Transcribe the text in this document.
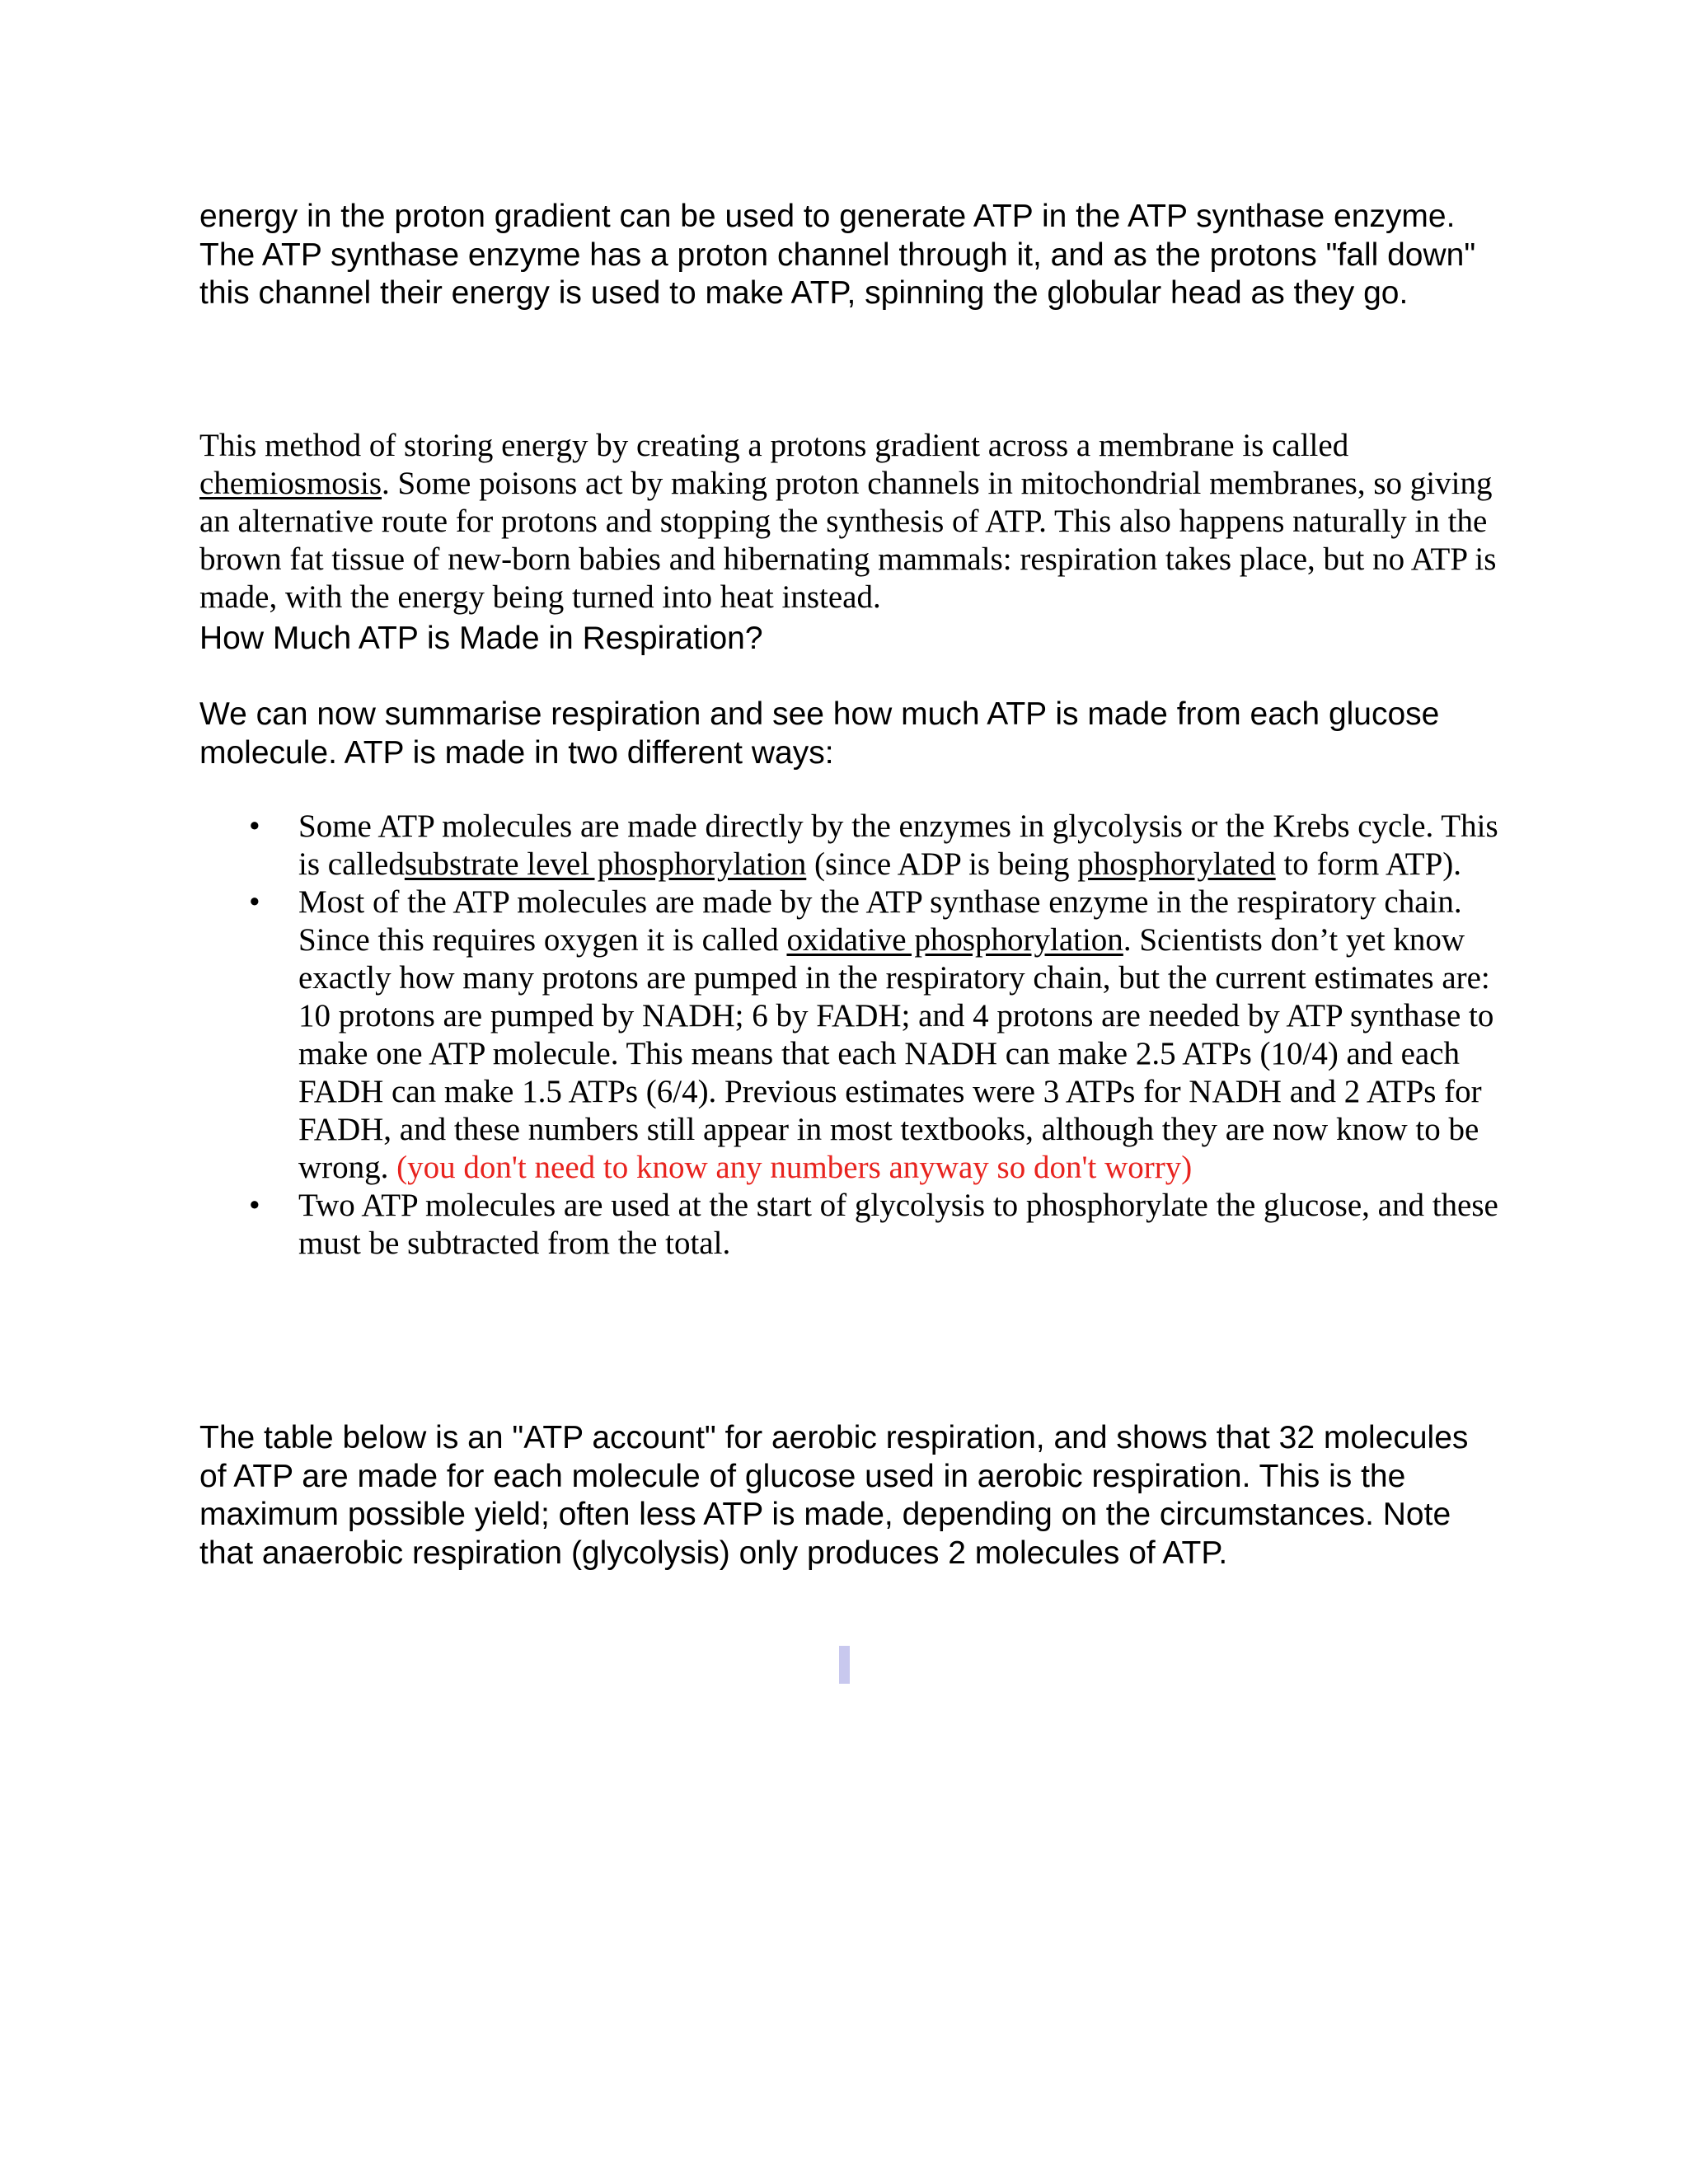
energy in the proton gradient can be used to generate ATP in the ATP synthase enzyme. The ATP synthase enzyme has a proton channel through it, and as the protons "fall down" this channel their energy is used to make ATP, spinning the globular head as they go.

This method of storing energy by creating a protons gradient across a membrane is called chemiosmosis. Some poisons act by making proton channels in mitochondrial membranes, so giving an alternative route for protons and stopping the synthesis of ATP. This also happens naturally in the brown fat tissue of new-born babies and hibernating mammals: respiration takes place, but no ATP is made, with the energy being turned into heat instead.

How Much ATP is Made in Respiration?

We can now summarise respiration and see how much ATP is made from each glucose molecule. ATP is made in two different ways:

• Some ATP molecules are made directly by the enzymes in glycolysis or the Krebs cycle. This is calledsubstrate level phosphorylation (since ADP is being phosphorylated to form ATP).
• Most of the ATP molecules are made by the ATP synthase enzyme in the respiratory chain. Since this requires oxygen it is called oxidative phosphorylation. Scientists don’t yet know exactly how many protons are pumped in the respiratory chain, but the current estimates are: 10 protons are pumped by NADH; 6 by FADH; and 4 protons are needed by ATP synthase to make one ATP molecule. This means that each NADH can make 2.5 ATPs (10/4) and each FADH can make 1.5 ATPs (6/4). Previous estimates were 3 ATPs for NADH and 2 ATPs for FADH, and these numbers still appear in most textbooks, although they are now know to be wrong. (you don't need to know any numbers anyway so don't worry)
• Two ATP molecules are used at the start of glycolysis to phosphorylate the glucose, and these must be subtracted from the total.

The table below is an "ATP account" for aerobic respiration, and shows that 32 molecules of ATP are made for each molecule of glucose used in aerobic respiration. This is the maximum possible yield; often less ATP is made, depending on the circumstances. Note that anaerobic respiration (glycolysis) only produces 2 molecules of ATP.
